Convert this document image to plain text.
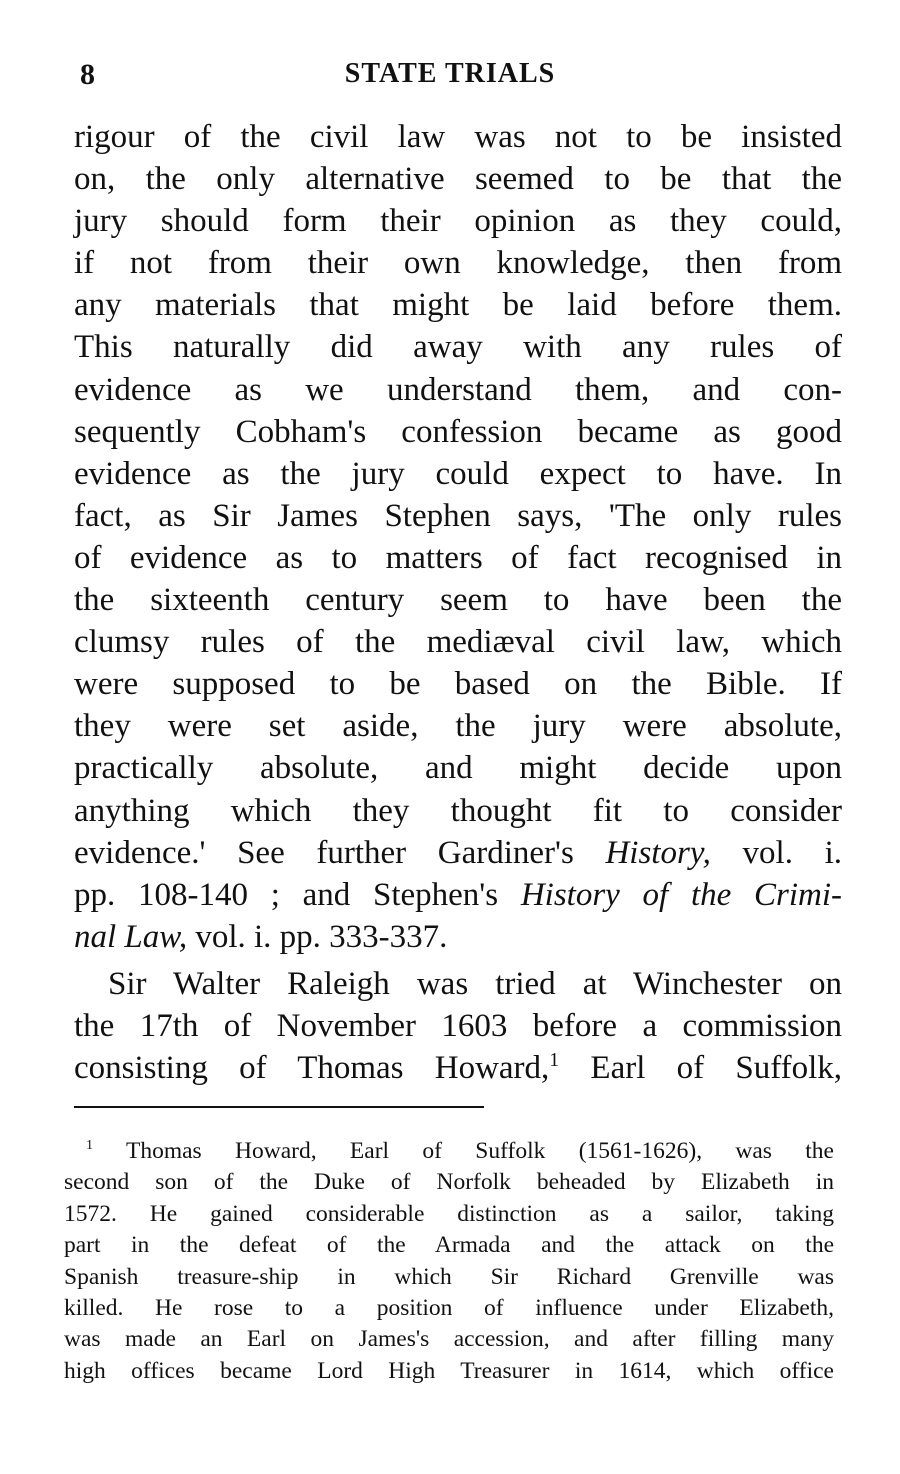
8	STATE TRIALS
rigour of the civil law was not to be insisted
on, the only alternative seemed to be that the
jury should form their opinion as they could,
if not from their own knowledge, then from
any materials that might be laid before them.
This naturally did away with any rules of
evidence as we understand them, and con-
sequently Cobham's confession became as good
evidence as the jury could expect to have. In
fact, as Sir James Stephen says, 'The only rules
of evidence as to matters of fact recognised in
the sixteenth century seem to have been the
clumsy rules of the mediæval civil law, which
were supposed to be based on the Bible. If
they were set aside, the jury were absolute,
practically absolute, and might decide upon
anything which they thought fit to consider
evidence.' See further Gardiner's History, vol. i.
pp. 108-140 ; and Stephen's History of the Crimi-
nal Law, vol. i. pp. 333-337.
Sir Walter Raleigh was tried at Winchester on
the 17th of November 1603 before a commission
consisting of Thomas Howard,$^1$ Earl of Suffolk,
$^1$ Thomas Howard, Earl of Suffolk (1561-1626), was the
second son of the Duke of Norfolk beheaded by Elizabeth in
1572. He gained considerable distinction as a sailor, taking
part in the defeat of the Armada and the attack on the
Spanish treasure-ship in which Sir Richard Grenville was
killed. He rose to a position of influence under Elizabeth,
was made an Earl on James's accession, and after filling many
high offices became Lord High Treasurer in 1614, which office
